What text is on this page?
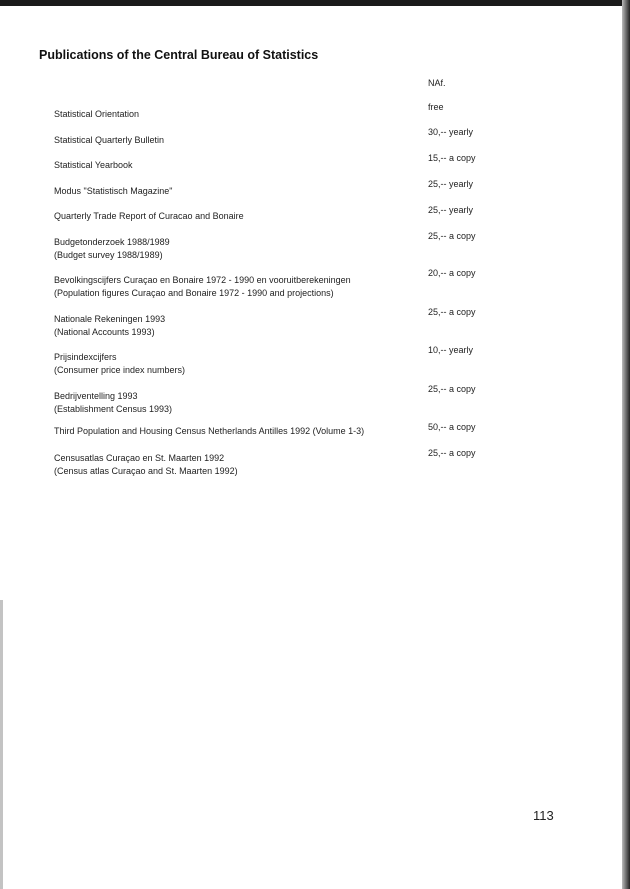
Publications of the Central Bureau of Statistics
NAf.
Statistical Orientation
free
Statistical Quarterly Bulletin
30,-- yearly
Statistical Yearbook
15,-- a copy
Modus "Statistisch Magazine"
25,-- yearly
Quarterly Trade Report of Curacao and Bonaire
25,-- yearly
Budgetonderzoek 1988/1989
(Budget survey 1988/1989)
25,-- a copy
Bevolkingscijfers Curaçao en Bonaire 1972 - 1990 en vooruitberekeningen
(Population figures Curaçao and Bonaire 1972 - 1990 and projections)
20,-- a copy
Nationale Rekeningen 1993
(National Accounts 1993)
25,-- a copy
Prijsindexcijfers
(Consumer price index numbers)
10,-- yearly
Bedrijventelling 1993
(Establishment Census 1993)
25,-- a copy
Third Population and Housing Census Netherlands Antilles 1992 (Volume 1-3)	50,-- a copy
Censusatlas Curaçao en St. Maarten 1992
(Census atlas Curaçao and St. Maarten 1992)
25,-- a copy
113
